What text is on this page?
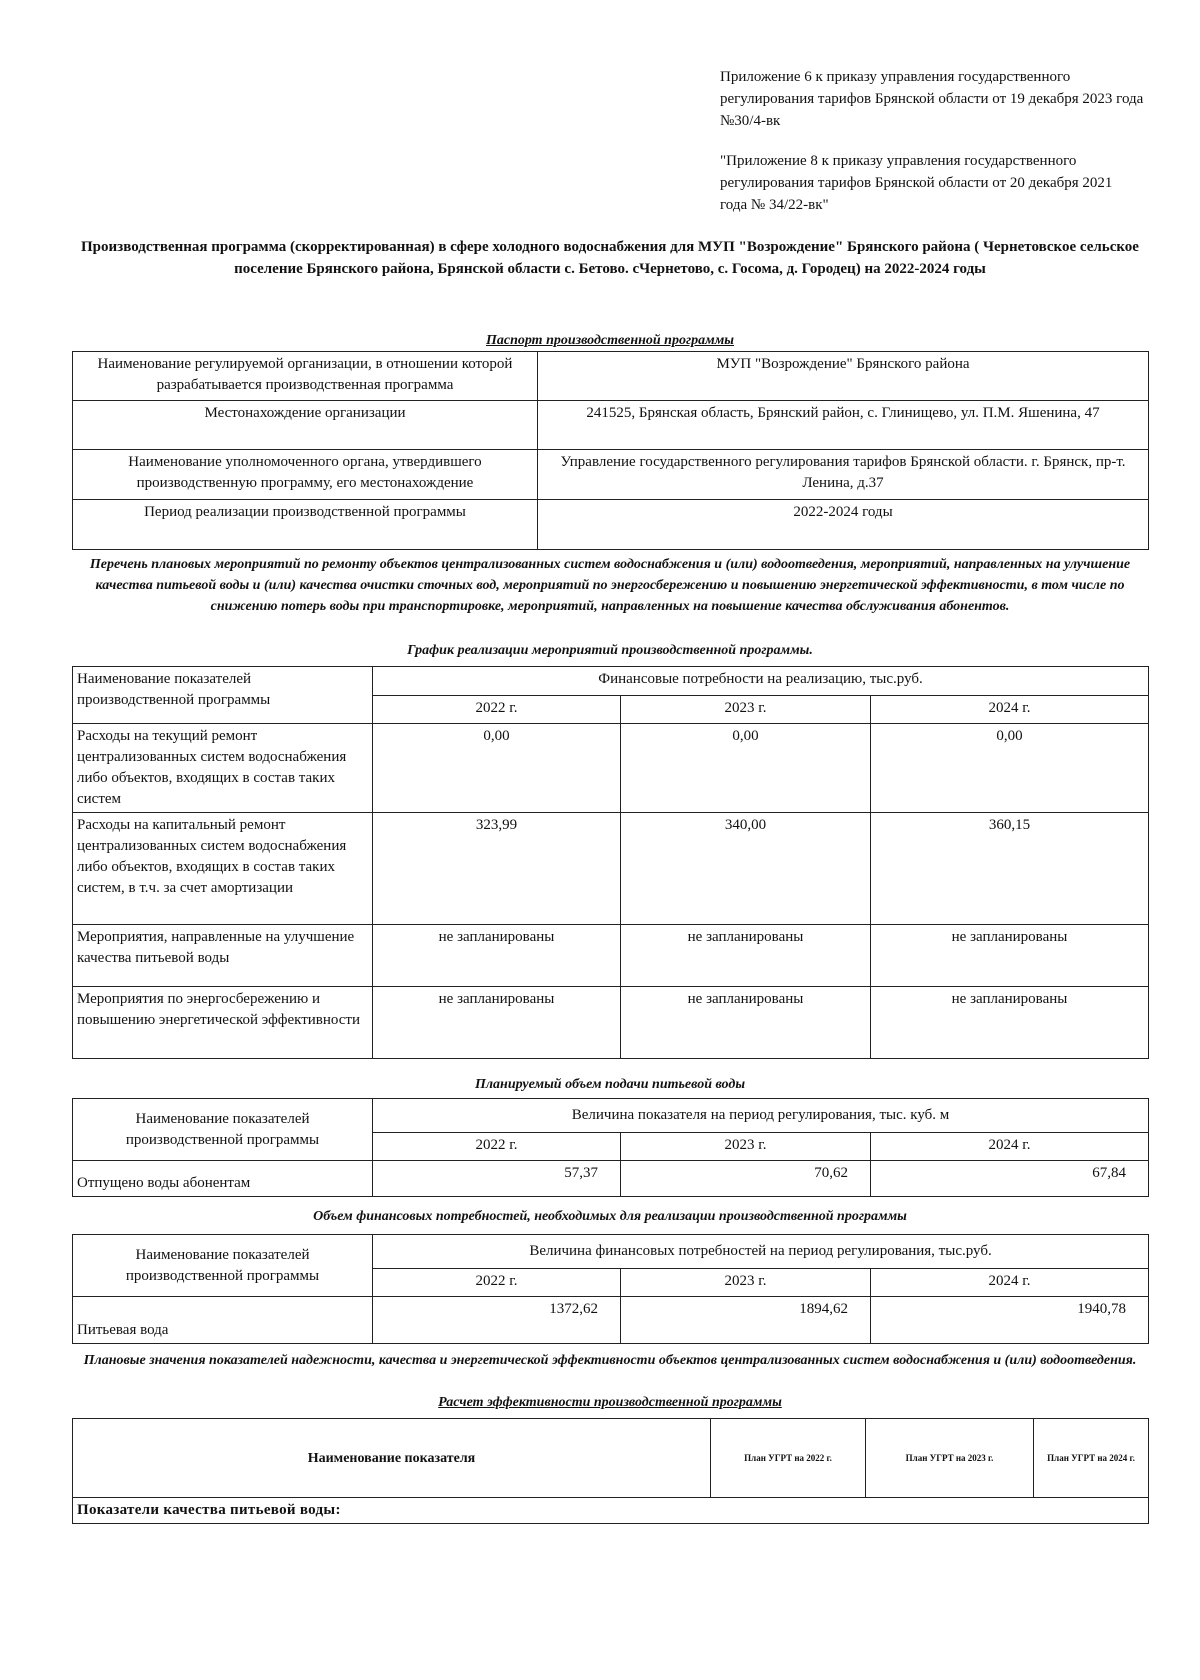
Приложение 6 к приказу управления государственного регулирования тарифов Брянской области от 19 декабря 2023 года №30/4-вк
"Приложение 8 к приказу управления государственного регулирования тарифов Брянской области от 20 декабря 2021 года № 34/22-вк"
Производственная программа (скорректированная) в сфере холодного водоснабжения для МУП "Возрождение" Брянского района ( Чернетовское сельское поселение Брянского района, Брянской области с. Бетово. сЧернетово, с. Госома, д. Городец) на 2022-2024 годы
Паспорт производственной программы
Наименование регулируемой организации, в отношении которой разрабатывается производственная программа	МУП "Возрождение" Брянского района
Местонахождение организации	241525, Брянская область, Брянский район, с. Глинищево, ул. П.М. Яшенина, 47
Наименование уполномоченного органа, утвердившего производственную программу, его местонахождение	Управление государственного регулирования тарифов Брянской области. г. Брянск, пр-т. Ленина, д.37
Период реализации производственной программы	2022-2024 годы
Перечень плановых мероприятий по ремонту объектов централизованных систем водоснабжения и (или) водоотведения, мероприятий, направленных на улучшение качества питьевой воды и (или) качества очистки сточных вод, мероприятий по энергосбережению и повышению энергетической эффективности, в том числе по снижению потерь воды при транспортировке, мероприятий, направленных на повышение качества обслуживания абонентов.
График реализации мероприятий производственной программы.
Наименование показателей производственной программы	Финансовые потребности на реализацию, тыс.руб.		
	2022 г.	2023 г.	2024 г.
Расходы на текущий ремонт централизованных систем водоснабжения либо объектов, входящих в состав таких систем	0,00	0,00	0,00
Расходы на капитальный ремонт централизованных систем водоснабжения либо объектов, входящих в состав таких систем, в т.ч. за счет амортизации	323,99	340,00	360,15
Мероприятия, направленные на улучшение качества питьевой воды	не запланированы	не запланированы	не запланированы
Мероприятия по энергосбережению и повышению энергетической эффективности	не запланированы	не запланированы	не запланированы
Планируемый объем подачи питьевой воды
Наименование показателей производственной программы	Величина показателя на период регулирования, тыс. куб. м		
	2022 г.	2023 г.	2024 г.
Отпущено воды абонентам	57,37	70,62	67,84
Объем финансовых потребностей, необходимых для реализации производственной программы
Наименование показателей производственной программы	Величина финансовых потребностей на период регулирования, тыс.руб.		
	2022 г.	2023 г.	2024 г.
Питьевая вода	1372,62	1894,62	1940,78
Плановые значения показателей надежности, качества и энергетической эффективности объектов централизованных систем водоснабжения и (или) водоотведения.
Расчет эффективности производственной программы
Наименование показателя	План УГРТ на 2022 г.	План УГРТ на 2023 г.	План УГРТ на 2024 г.
Показатели качества питьевой воды:
